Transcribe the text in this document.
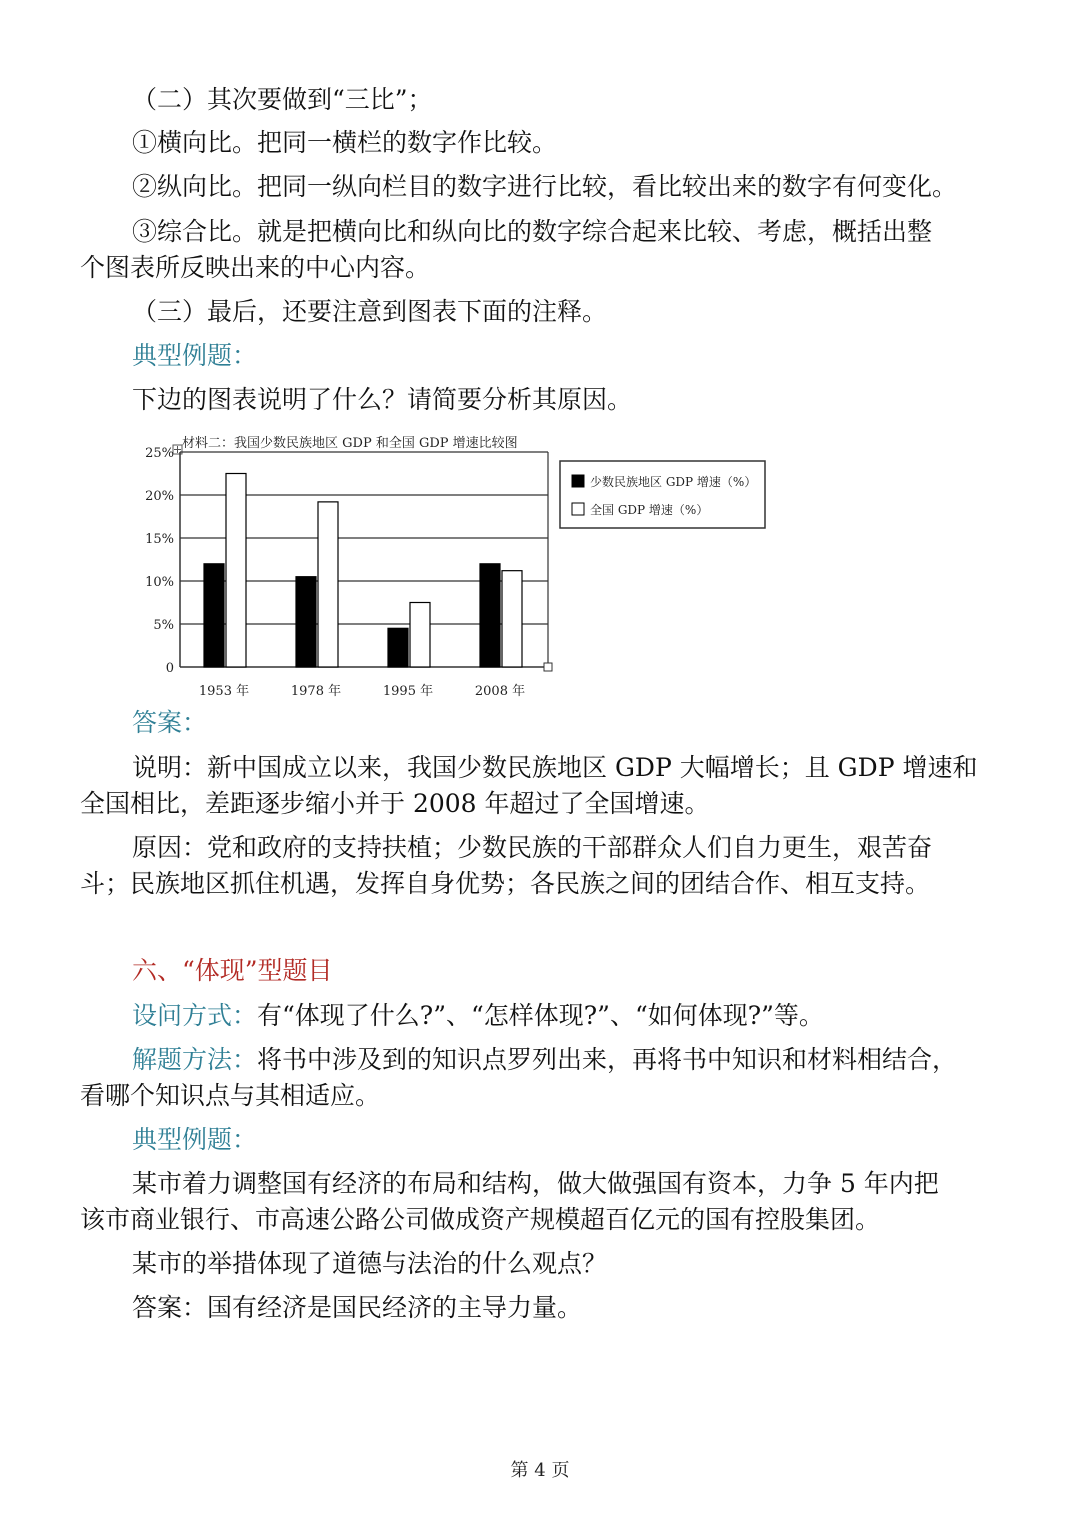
（二）其次要做到“三比”；
①横向比。把同一横栏的数字作比较。
②纵向比。把同一纵向栏目的数字进行比较，看比较出来的数字有何变化。
③综合比。就是把横向比和纵向比的数字综合起来比较、考虑，概括出整
个图表所反映出来的中心内容。
（三）最后，还要注意到图表下面的注释。
典型例题：
下边的图表说明了什么？请简要分析其原因。
材料二：我国少数民族地区 GDP 和全国 GDP 增速比较图
0
5%
10%
15%
20%
25%
1953 年	1978 年	1995 年	2008 年
少数民族地区 GDP 增速（%）
全国 GDP 增速（%）
答案：
说明：新中国成立以来，我国少数民族地区 GDP 大幅增长；且 GDP 增速和
全国相比，差距逐步缩小并于 2008 年超过了全国增速。
原因：党和政府的支持扶植；少数民族的干部群众人们自力更生，艰苦奋
斗；民族地区抓住机遇，发挥自身优势；各民族之间的团结合作、相互支持。
六、“体现”型题目
设问方式：有“体现了什么?”、“怎样体现?”、“如何体现?”等。
解题方法：将书中涉及到的知识点罗列出来，再将书中知识和材料相结合，
看哪个知识点与其相适应。
典型例题：
某市着力调整国有经济的布局和结构，做大做强国有资本，力争 5 年内把
该市商业银行、市高速公路公司做成资产规模超百亿元的国有控股集团。
某市的举措体现了道德与法治的什么观点？
答案：国有经济是国民经济的主导力量。
第 4 页
